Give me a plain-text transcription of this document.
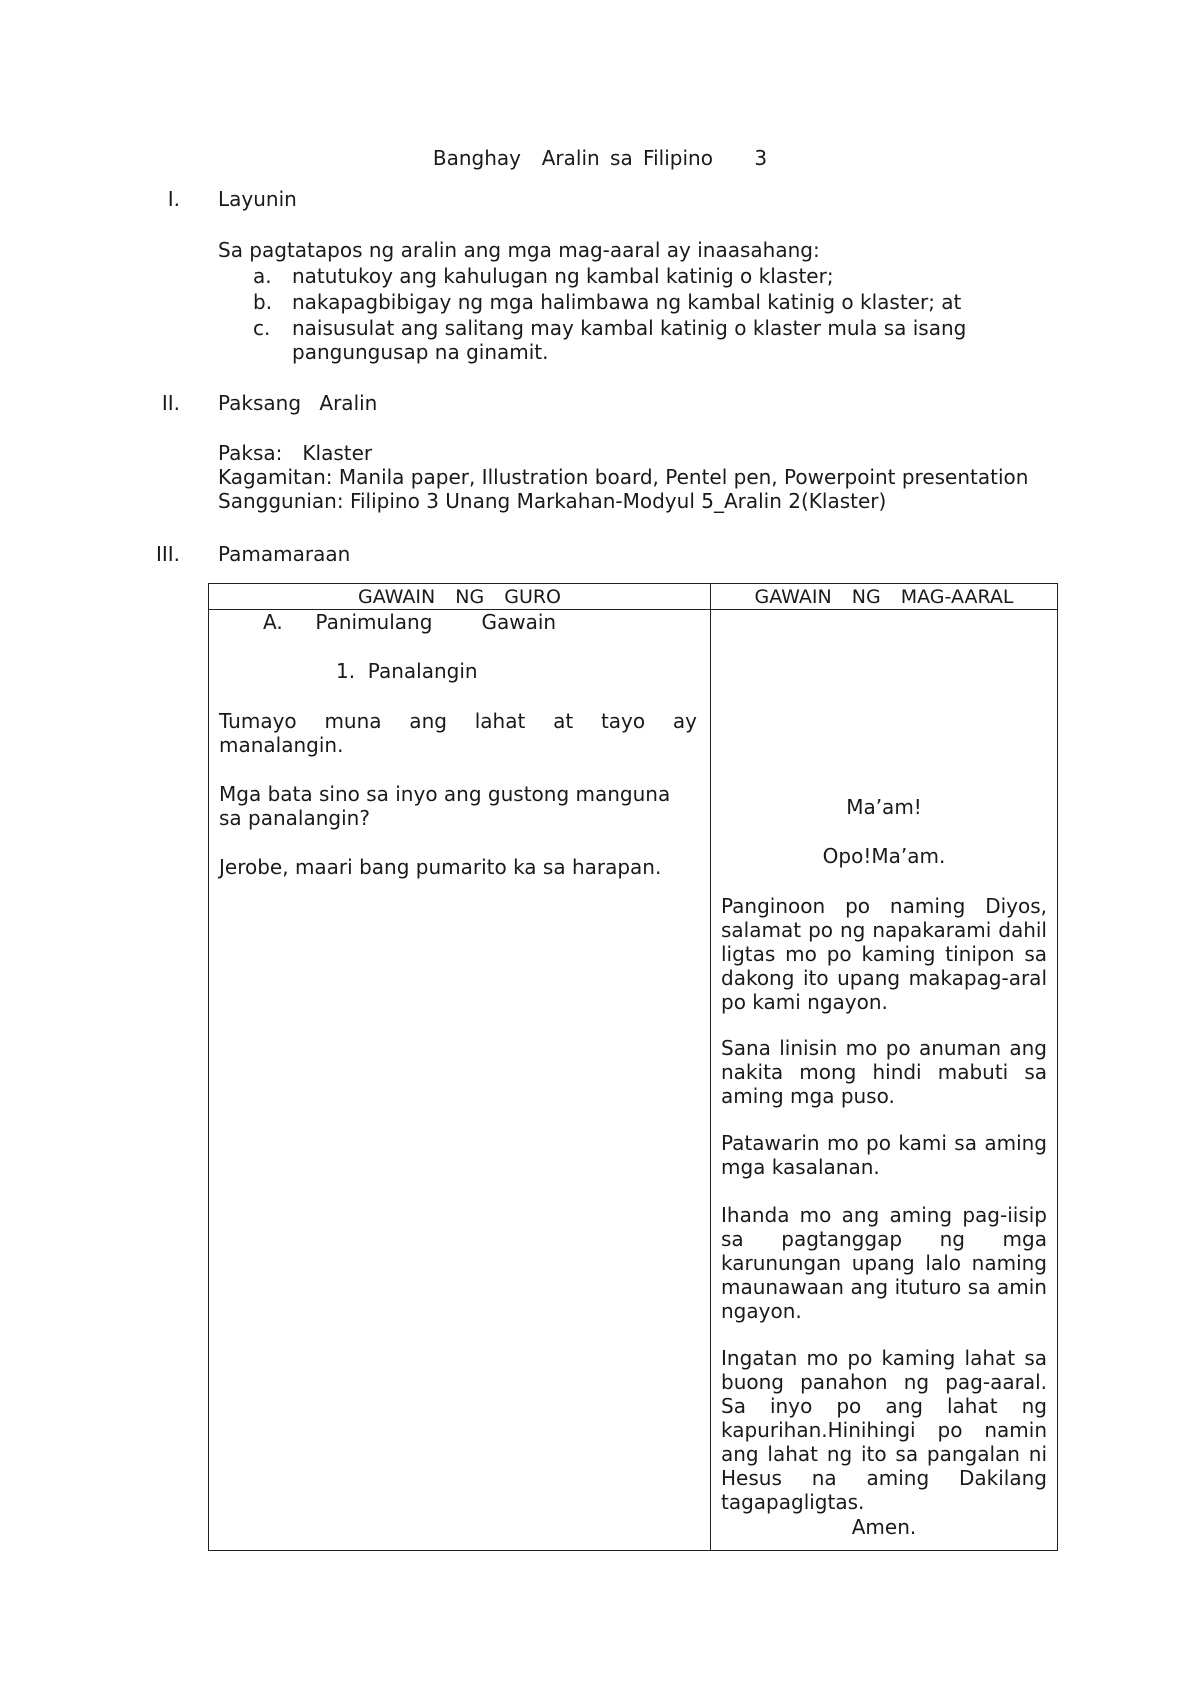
Banghay  Aralin sa Filipino    3
I. Layunin
Sa pagtatapos ng aralin ang mga mag-aaral ay inaasahang:
a. natutukoy ang kahulugan ng kambal katinig o klaster;
b. nakapagbibigay ng mga halimbawa ng kambal katinig o klaster; at
c. naisusulat ang salitang may kambal katinig o klaster mula sa isang pangungusap na ginamit.
II. Paksang Aralin
Paksa: Klaster
Kagamitan: Manila paper, Illustration board, Pentel pen, Powerpoint presentation
Sanggunian: Filipino 3 Unang Markahan-Modyul 5_Aralin 2(Klaster)
III. Pamamaraan
GAWAIN NG GURO	GAWAIN NG MAG-AARAL
A.  Panimulang   Gawain
1.  Panalangin
Tumayo muna ang lahat at tayo ay manalangin.
Mga bata sino sa inyo ang gustong manguna sa panalangin?
Jerobe, maari bang pumarito ka sa harapan.
Ma’am!
Opo!Ma’am.
Panginoon po naming Diyos, salamat po ng napakarami dahil ligtas mo po kaming tinipon sa dakong ito upang makapag-aral po kami ngayon.
Sana linisin mo po anuman ang nakita mong hindi mabuti sa aming mga puso.
Patawarin mo po kami sa aming mga kasalanan.
Ihanda mo ang aming pag-iisip sa pagtanggap ng mga karunungan upang lalo naming maunawaan ang ituturo sa amin ngayon.
Ingatan mo po kaming lahat sa buong panahon ng pag-aaral. Sa inyo po ang lahat ng kapurihan.Hinihingi po namin ang lahat ng ito sa pangalan ni Hesus na aming Dakilang tagapagligtas.
Amen.
